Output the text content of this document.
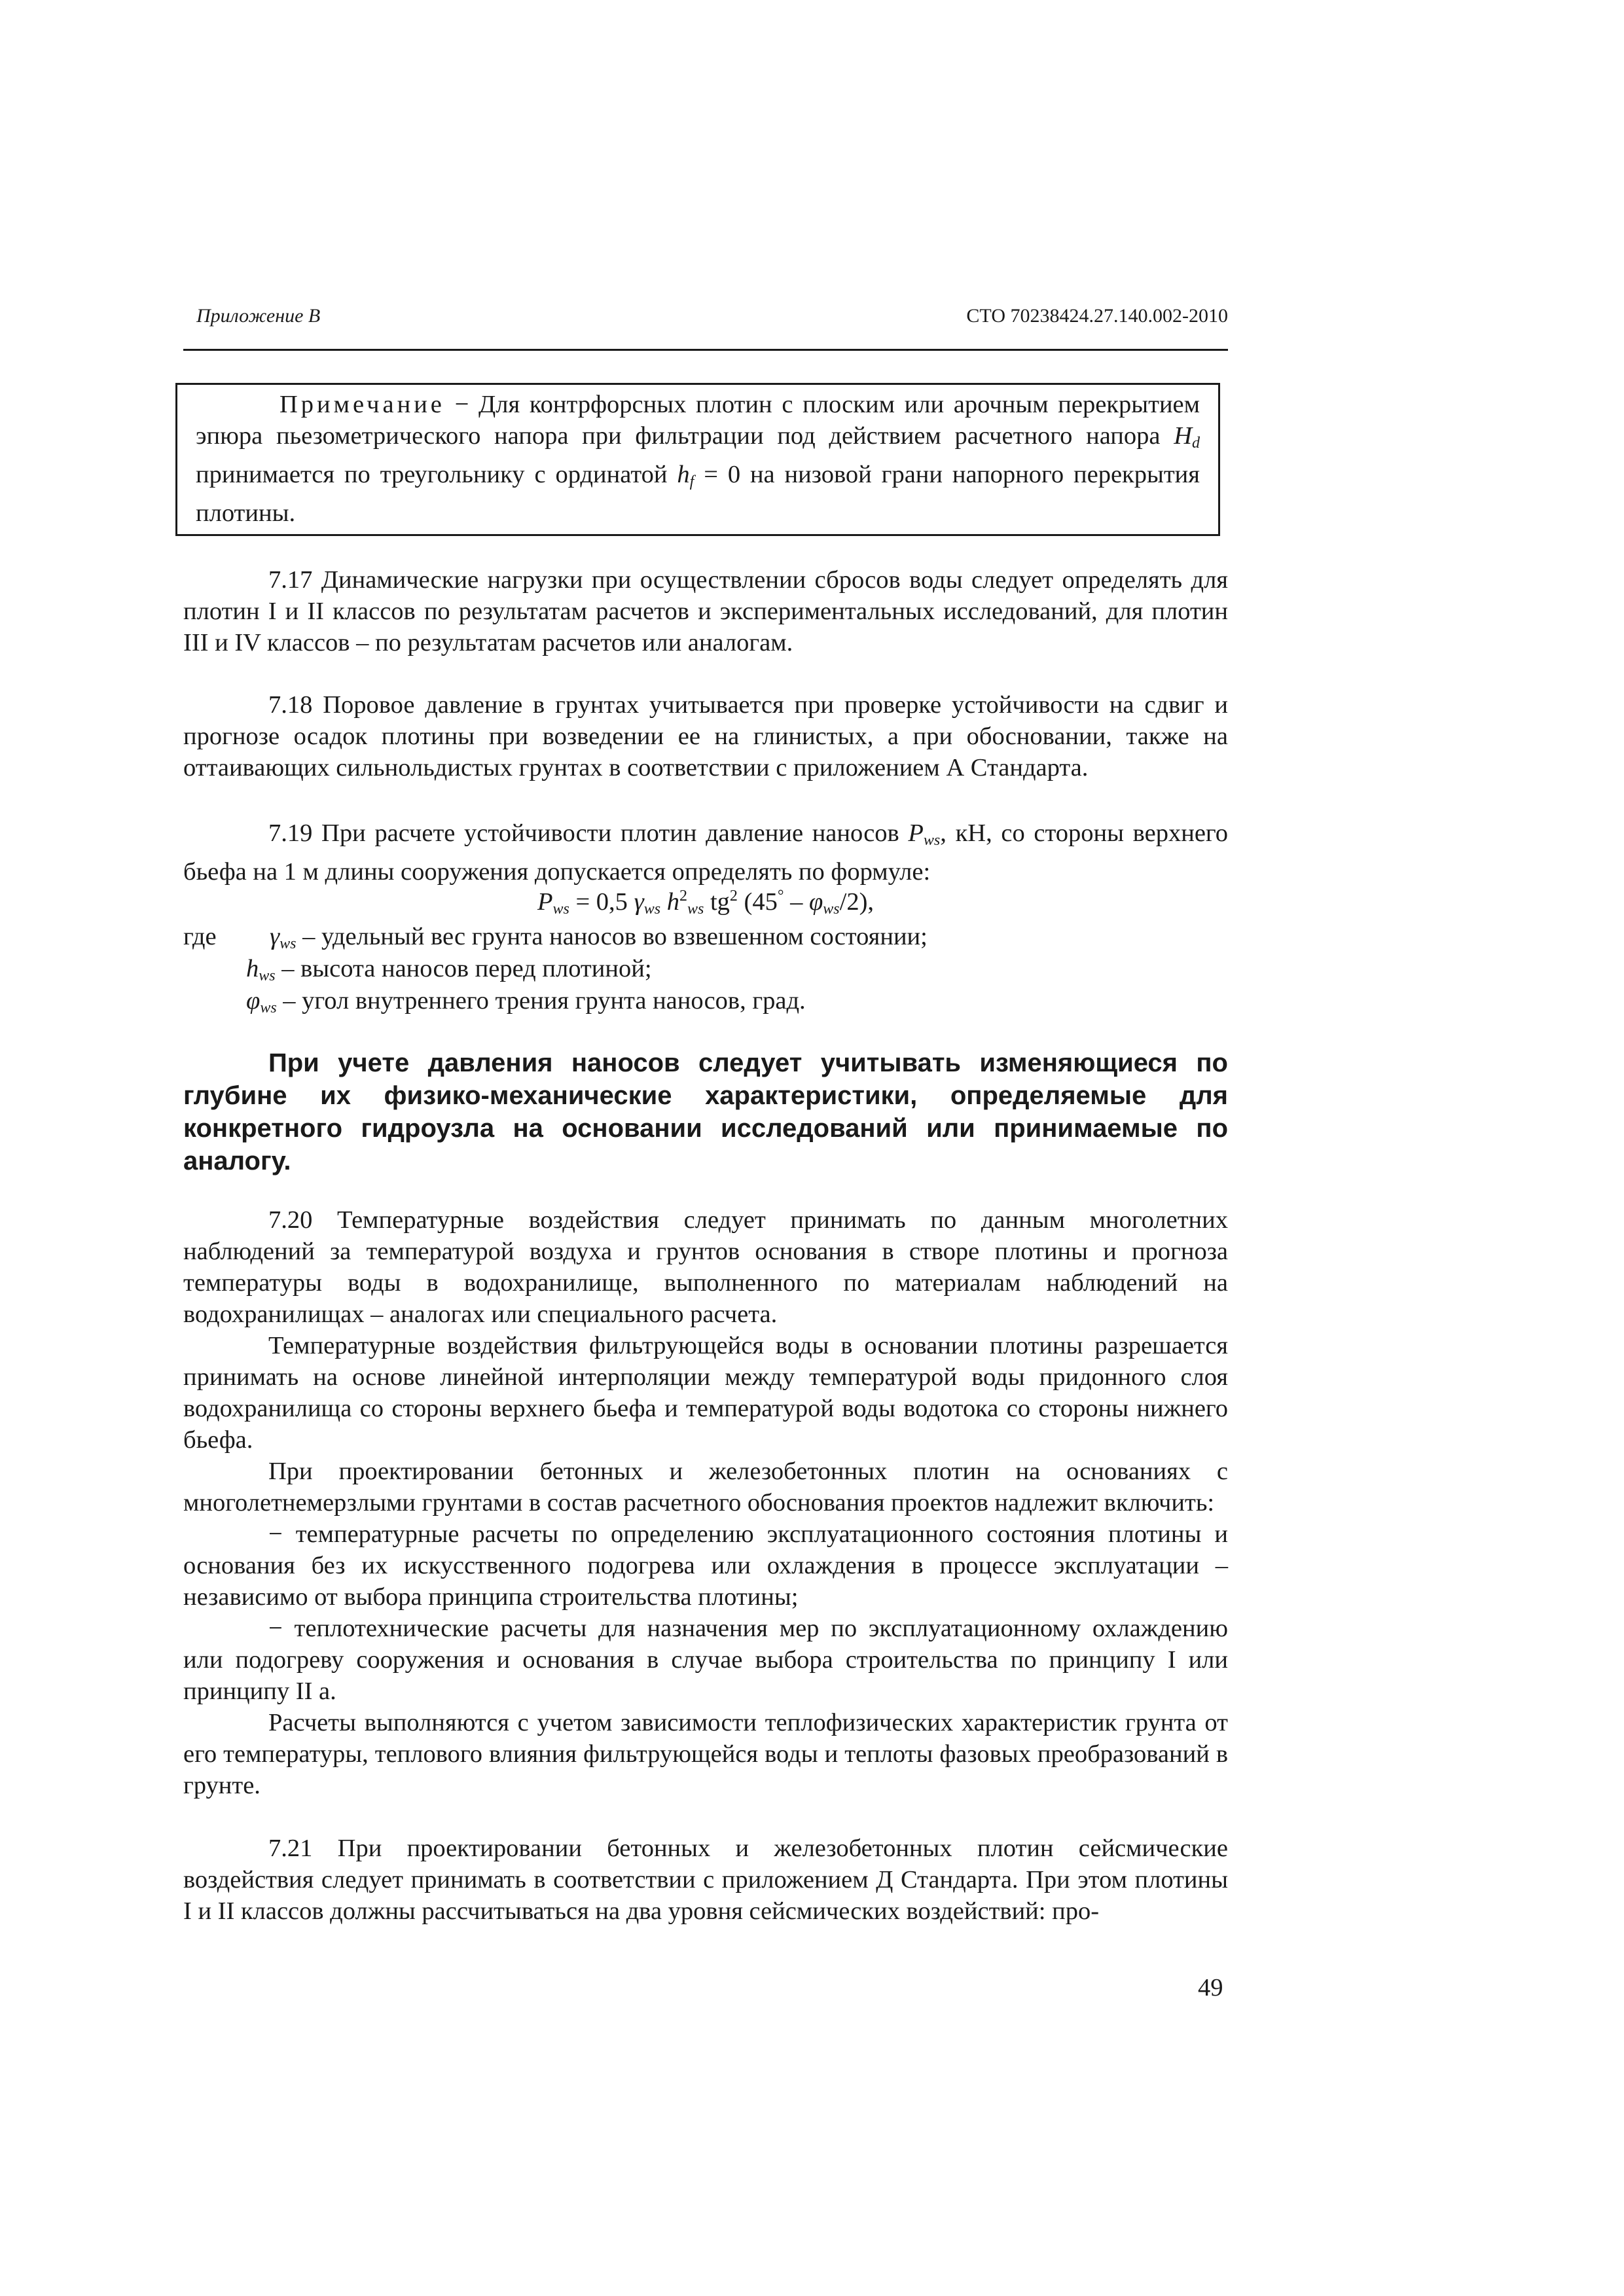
Приложение В	СТО 70238424.27.140.002-2010
Примечание − Для контрфорсных плотин с плоским или арочным перекрытием эпюра пьезометрического напора при фильтрации под действием расчетного напора $H_d$ принимается по треугольнику с ординатой $h_f = 0$ на низовой грани напорного перекрытия плотины.
7.17 Динамические нагрузки при осуществлении сбросов воды следует определять для плотин I и II классов по результатам расчетов и экспериментальных исследований, для плотин III и IV классов – по результатам расчетов или аналогам.
7.18 Поровое давление в грунтах учитывается при проверке устойчивости на сдвиг и прогнозе осадок плотины при возведении ее на глинистых, а при обосновании, также на оттаивающих сильнольдистых грунтах в соответствии с приложением А Стандарта.
7.19 При расчете устойчивости плотин давление наносов $P_{ws}$, кН, со стороны верхнего бьефа на 1 м длины сооружения допускается определять по формуле:
$P_{ws} = 0,5$ $\gamma_{ws}$ $h^2_{ws}$ $tg^2$ $(45^\circ - \varphi_{ws}/2)$,
где $\gamma_{ws}$ – удельный вес грунта наносов во взвешенном состоянии;
$h_{ws}$ – высота наносов перед плотиной;
$\varphi_{ws}$ – угол внутреннего трения грунта наносов, град.
При учете давления наносов следует учитывать изменяющиеся по глубине их физико-механические характеристики, определяемые для конкретного гидроузла на основании исследований или принимаемые по аналогу.
7.20 Температурные воздействия следует принимать по данным многолетних наблюдений за температурой воздуха и грунтов основания в створе плотины и прогноза температуры воды в водохранилище, выполненного по материалам наблюдений на водохранилищах – аналогах или специального расчета.
Температурные воздействия фильтрующейся воды в основании плотины разрешается принимать на основе линейной интерполяции между температурой воды придонного слоя водохранилища со стороны верхнего бьефа и температурой воды водотока со стороны нижнего бьефа.
При проектировании бетонных и железобетонных плотин на основаниях с многолетнемерзлыми грунтами в состав расчетного обоснования проектов надлежит включить:
− температурные расчеты по определению эксплуатационного состояния плотины и основания без их искусственного подогрева или охлаждения в процессе эксплуатации – независимо от выбора принципа строительства плотины;
− теплотехнические расчеты для назначения мер по эксплуатационному охлаждению или подогреву сооружения и основания в случае выбора строительства по принципу I или принципу II а.
Расчеты выполняются с учетом зависимости теплофизических характеристик грунта от его температуры, теплового влияния фильтрующейся воды и теплоты фазовых преобразований в грунте.
7.21 При проектировании бетонных и железобетонных плотин сейсмические воздействия следует принимать в соответствии с приложением Д Стандарта. При этом плотины I и II классов должны рассчитываться на два уровня сейсмических воздействий: про-
49
